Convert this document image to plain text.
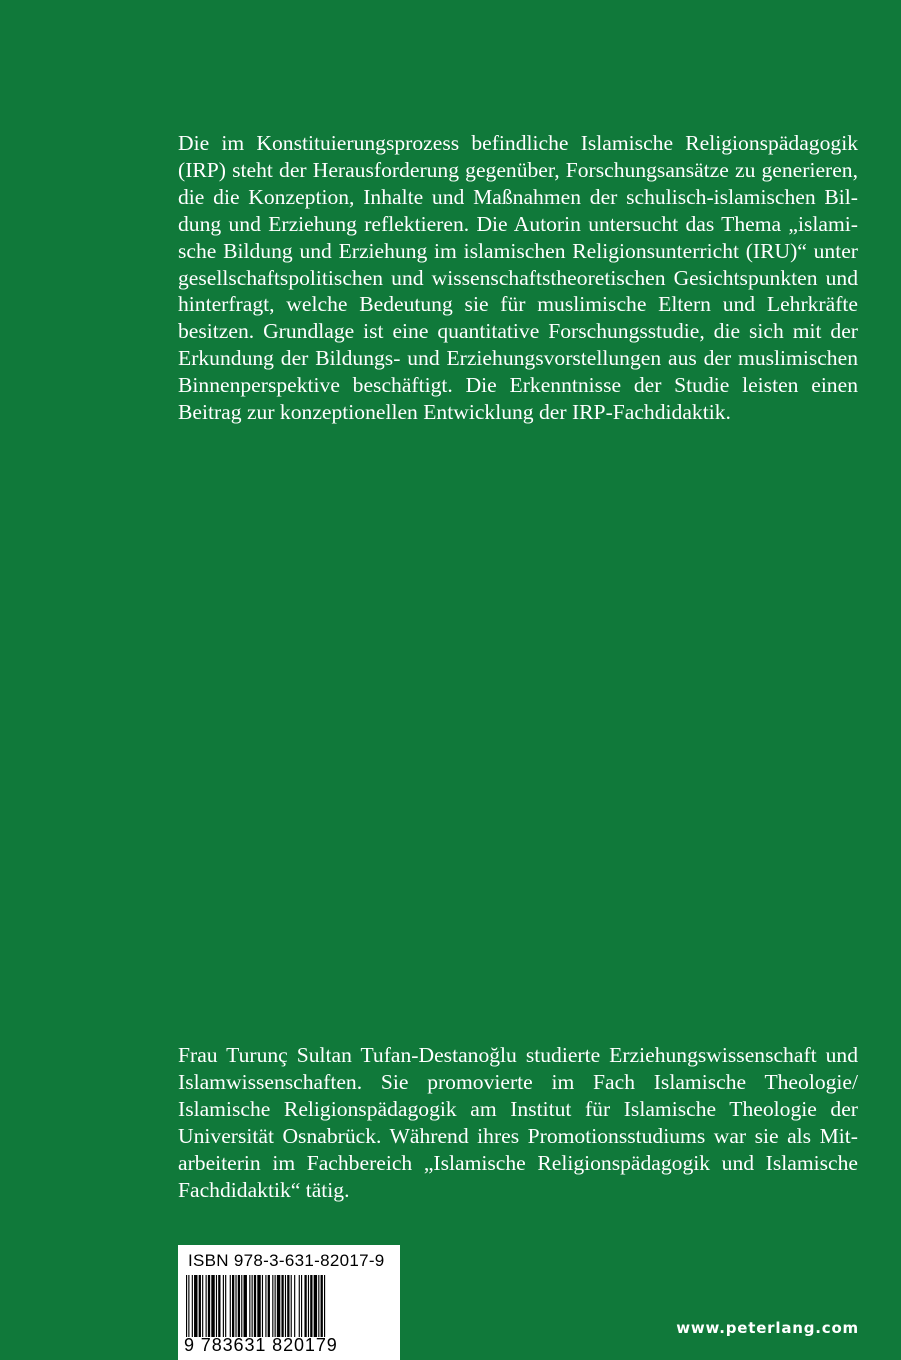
Die im Konstituierungsprozess befindliche Islamische Religionspädagogik (IRP) steht der Herausforderung gegenüber, Forschungsansätze zu generieren, die die Konzeption, Inhalte und Maßnahmen der schulisch-islamischen Bildung und Erziehung reflektieren. Die Autorin untersucht das Thema „islamische Bildung und Erziehung im islamischen Religionsunterricht (IRU)“ unter gesellschaftspolitischen und wissenschaftstheoretischen Gesichtspunkten und hinterfragt, welche Bedeutung sie für muslimische Eltern und Lehrkräfte besitzen. Grundlage ist eine quantitative Forschungsstudie, die sich mit der Erkundung der Bildungs- und Erziehungsvorstellungen aus der muslimischen Binnenperspektive beschäftigt. Die Erkenntnisse der Studie leisten einen Beitrag zur konzeptionellen Entwicklung der IRP-Fachdidaktik.

Frau Turunç Sultan Tufan-Destanoğlu studierte Erziehungswissenschaft und Islamwissenschaften. Sie promovierte im Fach Islamische Theologie/ Islamische Religionspädagogik am Institut für Islamische Theologie der Universität Osnabrück. Während ihres Promotionsstudiums war sie als Mitarbeiterin im Fachbereich „Islamische Religionspädagogik und Islamische Fachdidaktik“ tätig.

ISBN 978-3-631-82017-9
9 783631 820179
www.peterlang.com
